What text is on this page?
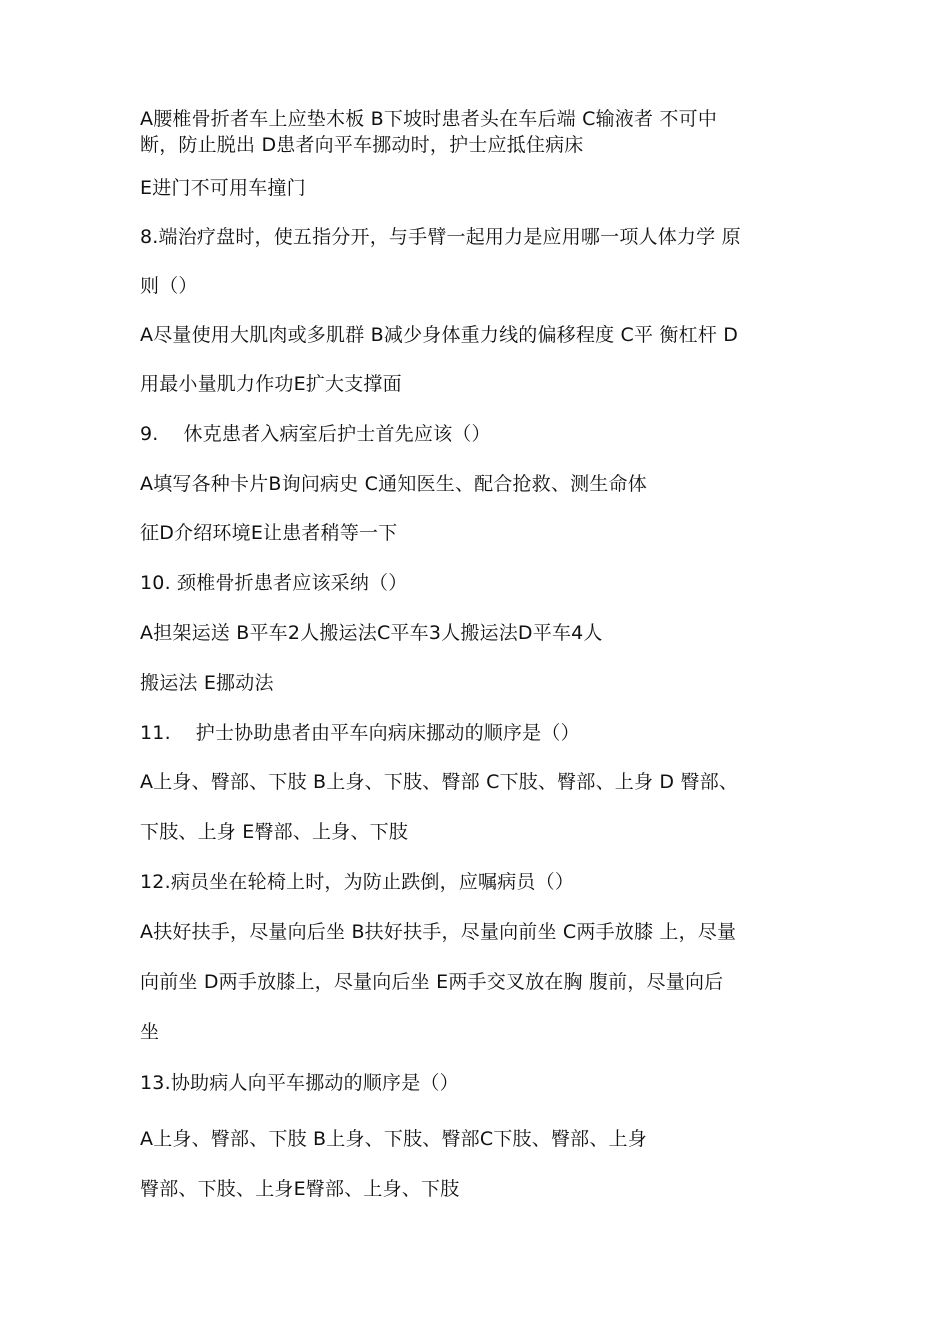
A腰椎骨折者车上应垫木板 B下坡时患者头在车后端 C输液者 不可中
断，防止脱出 D患者向平车挪动时，护士应抵住病床
E进门不可用车撞门
8.端治疗盘时，使五指分开，与手臂一起用力是应用哪一项人体力学 原
则（）
A尽量使用大肌肉或多肌群 B减少身体重力线的偏移程度 C平 衡杠杆 D
用最小量肌力作功E扩大支撑面
9.    休克患者入病室后护士首先应该（）
A填写各种卡片B询问病史 C通知医生、配合抢救、测生命体
征D介绍环境E让患者稍等一下
10. 颈椎骨折患者应该采纳（）
A担架运送 B平车2人搬运法C平车3人搬运法D平车4人
搬运法 E挪动法
11.    护士协助患者由平车向病床挪动的顺序是（）
A上身、臀部、下肢 B上身、下肢、臀部 C下肢、臀部、上身 D 臀部、
下肢、上身 E臀部、上身、下肢
12.病员坐在轮椅上时，为防止跌倒，应嘱病员（）
A扶好扶手，尽量向后坐 B扶好扶手，尽量向前坐 C两手放膝 上，尽量
向前坐 D两手放膝上，尽量向后坐 E两手交叉放在胸 腹前，尽量向后
坐
13.协助病人向平车挪动的顺序是（）
A上身、臀部、下肢 B上身、下肢、臀部C下肢、臀部、上身
臀部、下肢、上身E臀部、上身、下肢
